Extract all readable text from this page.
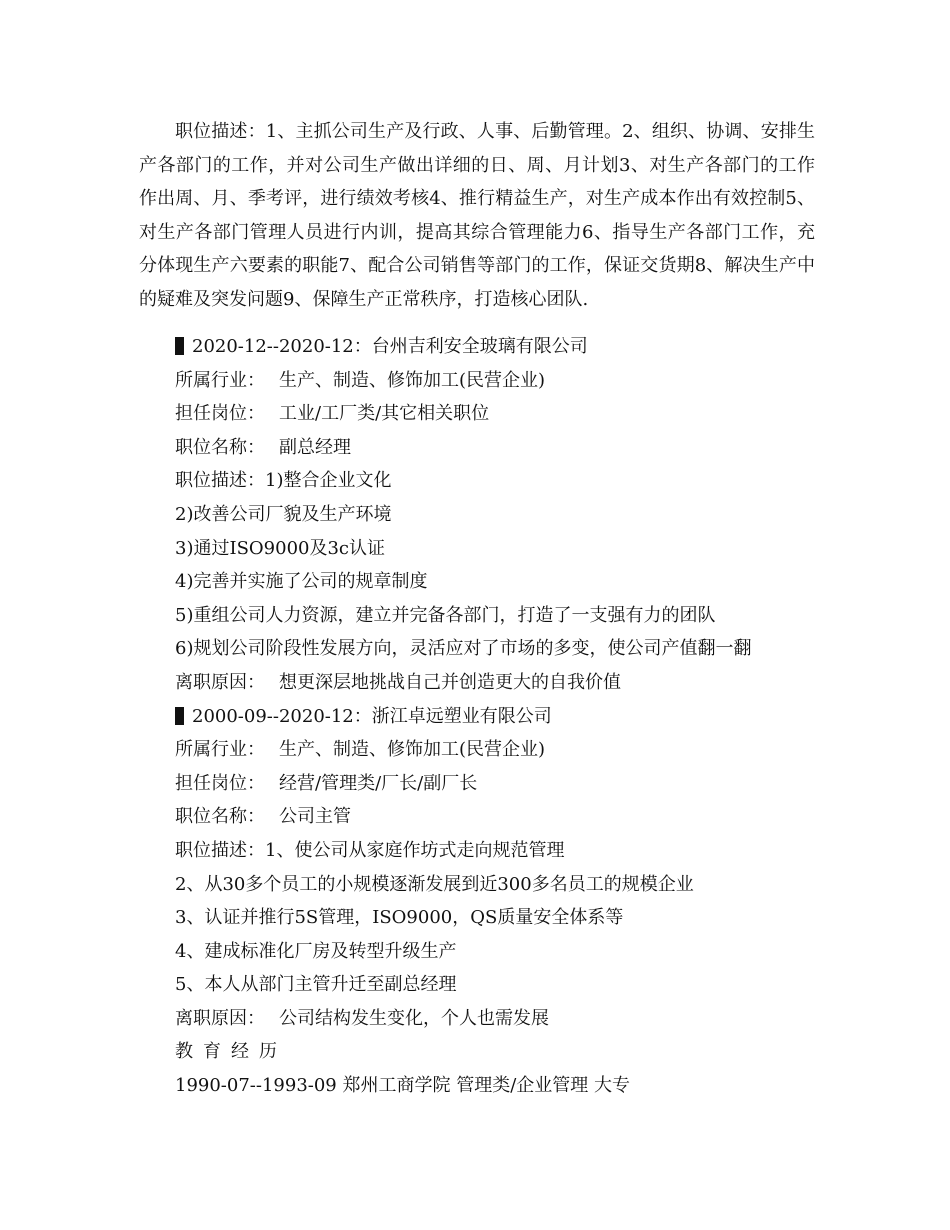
职位描述：1、主抓公司生产及行政、人事、后勤管理。2、组织、协调、安排生产各部门的工作，并对公司生产做出详细的日、周、月计划3、对生产各部门的工作作出周、月、季考评，进行绩效考核4、推行精益生产，对生产成本作出有效控制5、对生产各部门管理人员进行内训，提高其综合管理能力6、指导生产各部门工作，充分体现生产六要素的职能7、配合公司销售等部门的工作，保证交货期8、解决生产中的疑难及突发问题9、保障生产正常秩序，打造核心团队.

2020-12--2020-12：台州吉利安全玻璃有限公司
所属行业： 生产、制造、修饰加工(民营企业)
担任岗位： 工业/工厂类/其它相关职位
职位名称： 副总经理
职位描述：1)整合企业文化
2)改善公司厂貌及生产环境
3)通过ISO9000及3c认证
4)完善并实施了公司的规章制度
5)重组公司人力资源，建立并完备各部门，打造了一支强有力的团队
6)规划公司阶段性发展方向，灵活应对了市场的多变，使公司产值翻一翻
离职原因： 想更深层地挑战自己并创造更大的自我价值
2000-09--2020-12：浙江卓远塑业有限公司
所属行业： 生产、制造、修饰加工(民营企业)
担任岗位： 经营/管理类/厂长/副厂长
职位名称： 公司主管
职位描述：1、使公司从家庭作坊式走向规范管理
2、从30多个员工的小规模逐渐发展到近300多名员工的规模企业
3、认证并推行5S管理，ISO9000，QS质量安全体系等
4、建成标准化厂房及转型升级生产
5、本人从部门主管升迁至副总经理
离职原因： 公司结构发生变化，个人也需发展
教育经历
1990-07--1993-09 郑州工商学院 管理类/企业管理 大专
